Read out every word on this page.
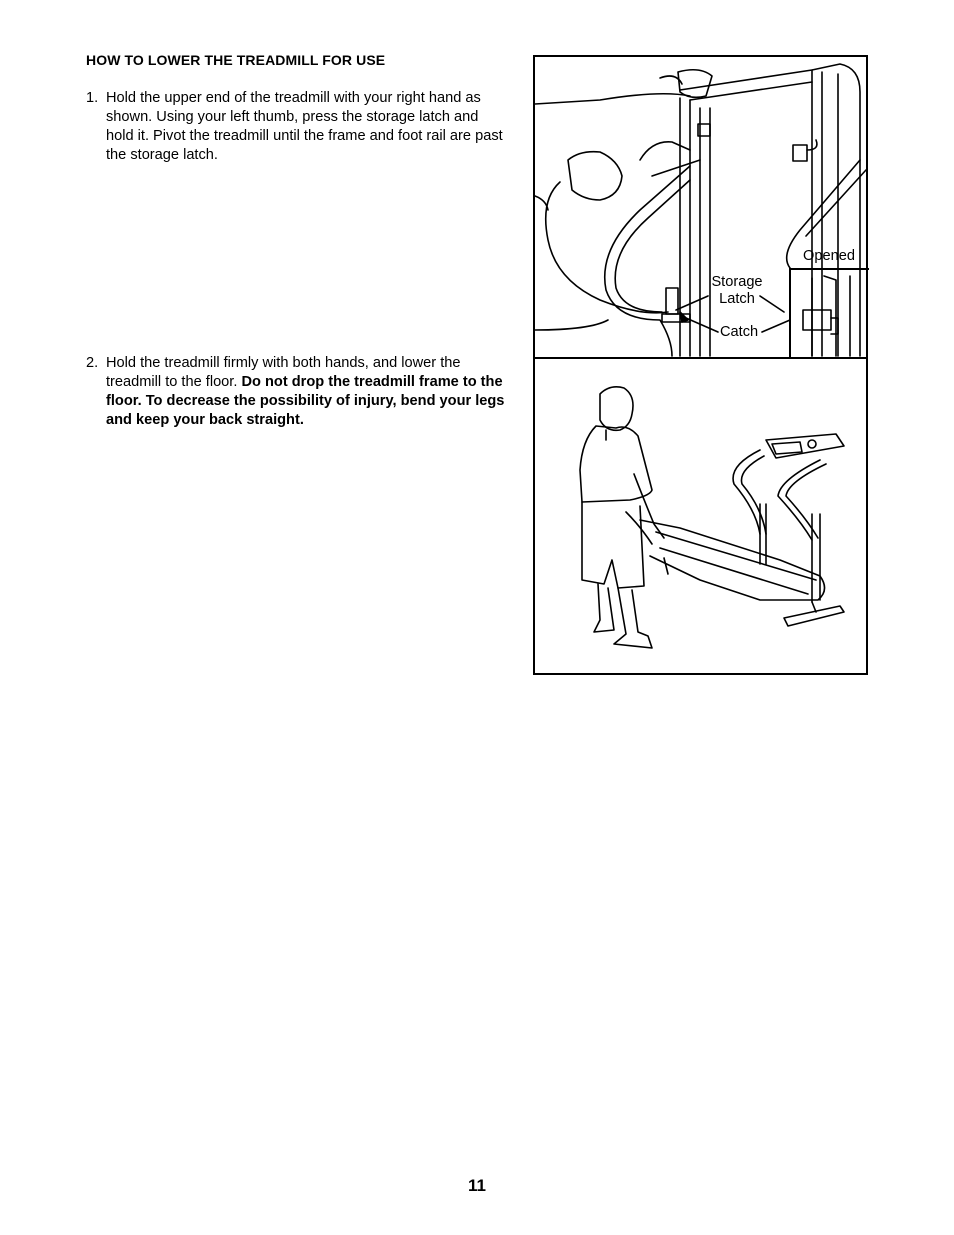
HOW TO LOWER THE TREADMILL FOR USE
1. Hold the upper end of the treadmill with your right hand as shown. Using your left thumb, press the storage latch and hold it. Pivot the treadmill until the frame and foot rail are past the storage latch.
2. Hold the treadmill firmly with both hands, and lower the treadmill to the floor. Do not drop the treadmill frame to the floor. To decrease the possibility of injury, bend your legs and keep your back straight.
Opened
Storage Latch
Catch
11
